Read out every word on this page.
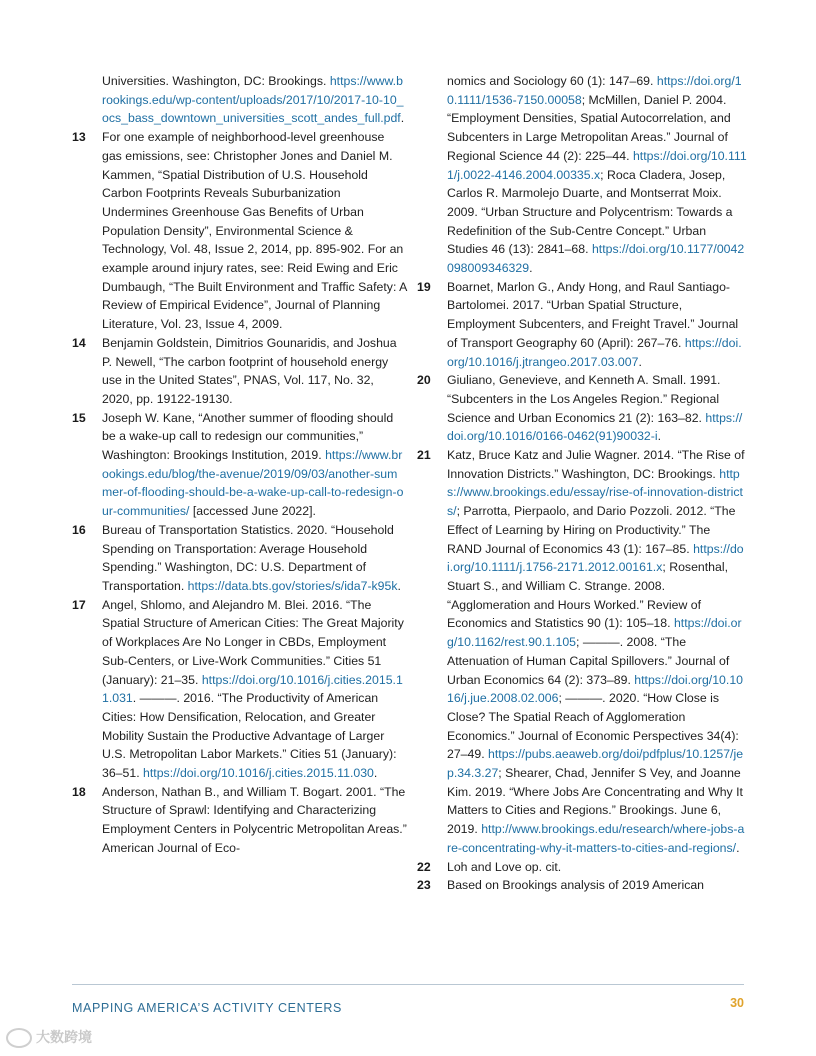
Universities. Washington, DC: Brookings. https://www.brookings.edu/wp-content/uploads/2017/10/2017-10-10_ocs_bass_downtown_universities_scott_andes_full.pdf.
13 For one example of neighborhood-level greenhouse gas emissions, see: Christopher Jones and Daniel M. Kammen, “Spatial Distribution of U.S. Household Carbon Footprints Reveals Suburbanization Undermines Greenhouse Gas Benefits of Urban Population Density”, Environmental Science & Technology, Vol. 48, Issue 2, 2014, pp. 895-902. For an example around injury rates, see: Reid Ewing and Eric Dumbaugh, “The Built Environment and Traffic Safety: A Review of Empirical Evidence”, Journal of Planning Literature, Vol. 23, Issue 4, 2009.
14 Benjamin Goldstein, Dimitrios Gounaridis, and Joshua P. Newell, “The carbon footprint of household energy use in the United States”, PNAS, Vol. 117, No. 32, 2020, pp. 19122-19130.
15 Joseph W. Kane, “Another summer of flooding should be a wake-up call to redesign our communities,” Washington: Brookings Institution, 2019. https://www.brookings.edu/blog/the-avenue/2019/09/03/another-summer-of-flooding-should-be-a-wake-up-call-to-redesign-our-communities/ [accessed June 2022].
16 Bureau of Transportation Statistics. 2020. “Household Spending on Transportation: Average Household Spending.” Washington, DC: U.S. Department of Transportation. https://data.bts.gov/stories/s/ida7-k95k.
17 Angel, Shlomo, and Alejandro M. Blei. 2016. “The Spatial Structure of American Cities: The Great Majority of Workplaces Are No Longer in CBDs, Employment Sub-Centers, or Live-Work Communities.” Cities 51 (January): 21–35. https://doi.org/10.1016/j.cities.2015.11.031. ———. 2016. “The Productivity of American Cities: How Densification, Relocation, and Greater Mobility Sustain the Productive Advantage of Larger U.S. Metropolitan Labor Markets.” Cities 51 (January): 36–51. https://doi.org/10.1016/j.cities.2015.11.030.
18 Anderson, Nathan B., and William T. Bogart. 2001. “The Structure of Sprawl: Identifying and Characterizing Employment Centers in Polycentric Metropolitan Areas.” American Journal of Eco-
nomics and Sociology 60 (1): 147–69. https://doi.org/10.1111/1536-7150.00058; McMillen, Daniel P. 2004. “Employment Densities, Spatial Autocorrelation, and Subcenters in Large Metropolitan Areas.” Journal of Regional Science 44 (2): 225–44. https://doi.org/10.1111/j.0022-4146.2004.00335.x; Roca Cladera, Josep, Carlos R. Marmolejo Duarte, and Montserrat Moix. 2009. “Urban Structure and Polycentrism: Towards a Redefinition of the Sub-Centre Concept.” Urban Studies 46 (13): 2841–68. https://doi.org/10.1177/0042098009346329.
19 Boarnet, Marlon G., Andy Hong, and Raul Santiago-Bartolomei. 2017. “Urban Spatial Structure, Employment Subcenters, and Freight Travel.” Journal of Transport Geography 60 (April): 267–76. https://doi.org/10.1016/j.jtrangeo.2017.03.007.
20 Giuliano, Genevieve, and Kenneth A. Small. 1991. “Subcenters in the Los Angeles Region.” Regional Science and Urban Economics 21 (2): 163–82. https://doi.org/10.1016/0166-0462(91)90032-i.
21 Katz, Bruce Katz and Julie Wagner. 2014. “The Rise of Innovation Districts.” Washington, DC: Brookings. https://www.brookings.edu/essay/rise-of-innovation-districts/; Parrotta, Pierpaolo, and Dario Pozzoli. 2012. “The Effect of Learning by Hiring on Productivity.” The RAND Journal of Economics 43 (1): 167–85. https://doi.org/10.1111/j.1756-2171.2012.00161.x; Rosenthal, Stuart S., and William C. Strange. 2008. “Agglomeration and Hours Worked.” Review of Economics and Statistics 90 (1): 105–18. https://doi.org/10.1162/rest.90.1.105; ———. 2008. “The Attenuation of Human Capital Spillovers.” Journal of Urban Economics 64 (2): 373–89. https://doi.org/10.1016/j.jue.2008.02.006; ———. 2020. “How Close is Close? The Spatial Reach of Agglomeration Economics.” Journal of Economic Perspectives 34(4): 27–49. https://pubs.aeaweb.org/doi/pdfplus/10.1257/jep.34.3.27; Shearer, Chad, Jennifer S Vey, and Joanne Kim. 2019. “Where Jobs Are Concentrating and Why It Matters to Cities and Regions.” Brookings. June 6, 2019. http://www.brookings.edu/research/where-jobs-are-concentrating-why-it-matters-to-cities-and-regions/.
22 Loh and Love op. cit.
23 Based on Brookings analysis of 2019 American
MAPPING AMERICA’S ACTIVITY CENTERS	30
大数跨境
